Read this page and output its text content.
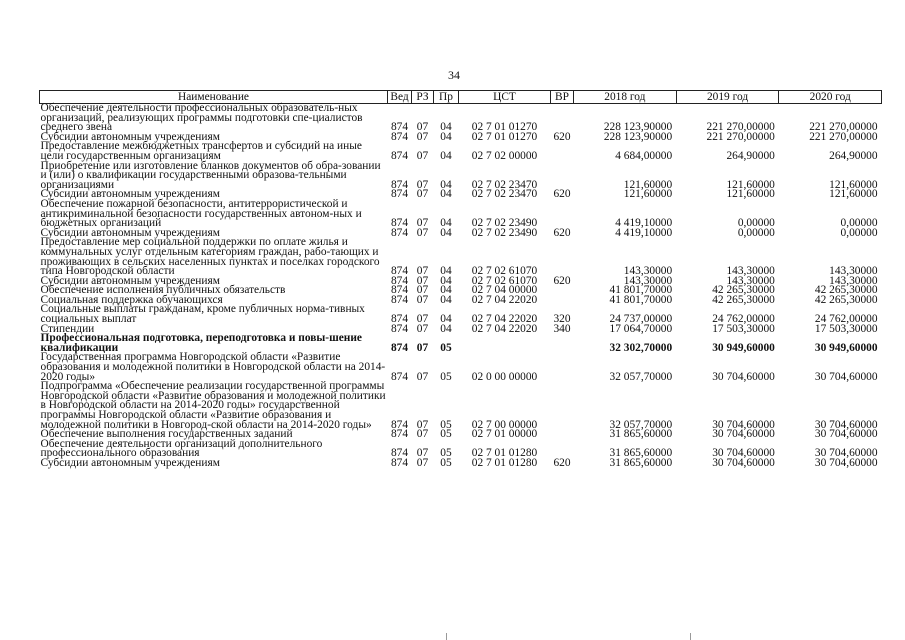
34
Наименование	Вед	РЗ	Пр	ЦСТ	ВР	2018 год	2019 год	2020 год
Обеспечение деятельности профессиональных образователь-ных организаций, реализующих программы подготовки спе-циалистов среднего звена	874	07	04	02 7 01 01270		228 123,90000	221 270,00000	221 270,00000
Субсидии автономным учреждениям	874	07	04	02 7 01 01270	620	228 123,90000	221 270,00000	221 270,00000
Предоставление межбюджетных трансфертов и субсидий на иные цели государственным организациям	874	07	04	02 7 02 00000		4 684,00000	264,90000	264,90000
Приобретение или изготовление бланков документов об обра-зовании и (или) о квалификации государственными образова-тельными организациями	874	07	04	02 7 02 23470		121,60000	121,60000	121,60000
Субсидии автономным учреждениям	874	07	04	02 7 02 23470	620	121,60000	121,60000	121,60000
Обеспечение пожарной безопасности, антитеррористической и антикриминальной безопасности государственных автоном-ных и бюджетных организаций	874	07	04	02 7 02 23490		4 419,10000	0,00000	0,00000
Субсидии автономным учреждениям	874	07	04	02 7 02 23490	620	4 419,10000	0,00000	0,00000
Предоставление мер социальной поддержки по оплате жилья и коммунальных услуг отдельным категориям граждан, рабо-тающих и проживающих в сельских населенных пунктах и поселках городского типа Новгородской области	874	07	04	02 7 02 61070		143,30000	143,30000	143,30000
Субсидии автономным учреждениям	874	07	04	02 7 02 61070	620	143,30000	143,30000	143,30000
Обеспечение исполнения публичных обязательств	874	07	04	02 7 04 00000		41 801,70000	42 265,30000	42 265,30000
Социальная поддержка обучающихся	874	07	04	02 7 04 22020		41 801,70000	42 265,30000	42 265,30000
Социальные выплаты гражданам, кроме публичных норма-тивных социальных выплат	874	07	04	02 7 04 22020	320	24 737,00000	24 762,00000	24 762,00000
Стипендии	874	07	04	02 7 04 22020	340	17 064,70000	17 503,30000	17 503,30000
Профессиональная подготовка, переподготовка и повы-шение квалификации	874	07	05			32 302,70000	30 949,60000	30 949,60000
Государственная программа Новгородской области «Развитие образования и молодежной политики в Новгородской области на 2014-2020 годы»	874	07	05	02 0 00 00000		32 057,70000	30 704,60000	30 704,60000
Подпрограмма «Обеспечение реализации государственной программы Новгородской области «Развитие образования и молодежной политики в Новгородской области на 2014-2020 годы» государственной программы Новгородской области «Развитие образования и молодежной политики в Новгород-ской области на 2014-2020 годы»	874	07	05	02 7 00 00000		32 057,70000	30 704,60000	30 704,60000
Обеспечение выполнения государственных заданий	874	07	05	02 7 01 00000		31 865,60000	30 704,60000	30 704,60000
Обеспечение деятельности организаций дополнительного профессионального образования	874	07	05	02 7 01 01280		31 865,60000	30 704,60000	30 704,60000
Субсидии автономным учреждениям	874	07	05	02 7 01 01280	620	31 865,60000	30 704,60000	30 704,60000
